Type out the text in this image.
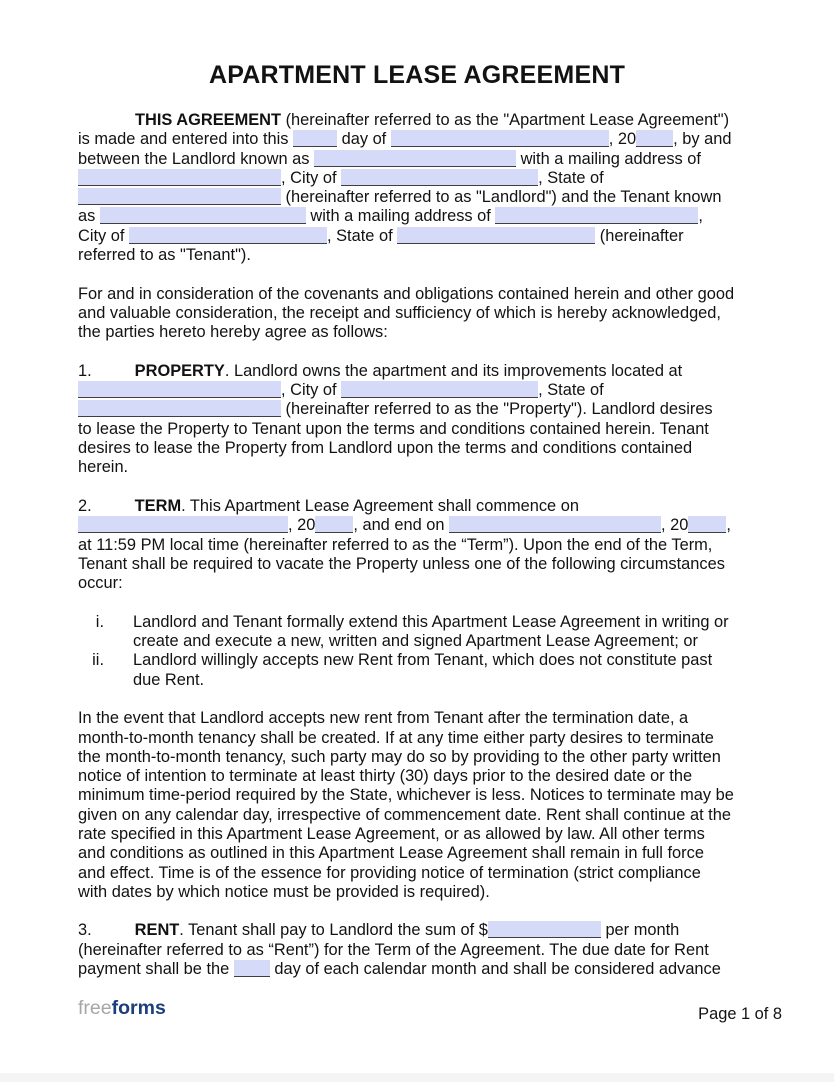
APARTMENT LEASE AGREEMENT
THIS AGREEMENT (hereinafter referred to as the "Apartment Lease Agreement")
is made and entered into this	day of	, 20 , by and
between the Landlord known as	with a mailing address of
, City of	, State of
(hereinafter referred to as "Landlord") and the Tenant known
as	with a mailing address of	,
City of	, State of	(hereinafter
referred to as "Tenant").
For and in consideration of the covenants and obligations contained herein and other good
and valuable consideration, the receipt and sufficiency of which is hereby acknowledged,
the parties hereto hereby agree as follows:
1.	PROPERTY. Landlord owns the apartment and its improvements located at
, City of	, State of
(hereinafter referred to as the "Property"). Landlord desires
to lease the Property to Tenant upon the terms and conditions contained herein. Tenant
desires to lease the Property from Landlord upon the terms and conditions contained
herein.
2.	TERM. This Apartment Lease Agreement shall commence on
, 20 , and end on	, 20 ,
at 11:59 PM local time (hereinafter referred to as the “Term”). Upon the end of the Term,
Tenant shall be required to vacate the Property unless one of the following circumstances
occur:
i. Landlord and Tenant formally extend this Apartment Lease Agreement in writing or
create and execute a new, written and signed Apartment Lease Agreement; or
ii. Landlord willingly accepts new Rent from Tenant, which does not constitute past
due Rent.
In the event that Landlord accepts new rent from Tenant after the termination date, a
month-to-month tenancy shall be created. If at any time either party desires to terminate
the month-to-month tenancy, such party may do so by providing to the other party written
notice of intention to terminate at least thirty (30) days prior to the desired date or the
minimum time-period required by the State, whichever is less. Notices to terminate may be
given on any calendar day, irrespective of commencement date. Rent shall continue at the
rate specified in this Apartment Lease Agreement, or as allowed by law. All other terms
and conditions as outlined in this Apartment Lease Agreement shall remain in full force
and effect. Time is of the essence for providing notice of termination (strict compliance
with dates by which notice must be provided is required).
3.	RENT. Tenant shall pay to Landlord the sum of $	per month
(hereinafter referred to as “Rent”) for the Term of the Agreement. The due date for Rent
payment shall be the  day of each calendar month and shall be considered advance
freeforms	Page 1 of 8
